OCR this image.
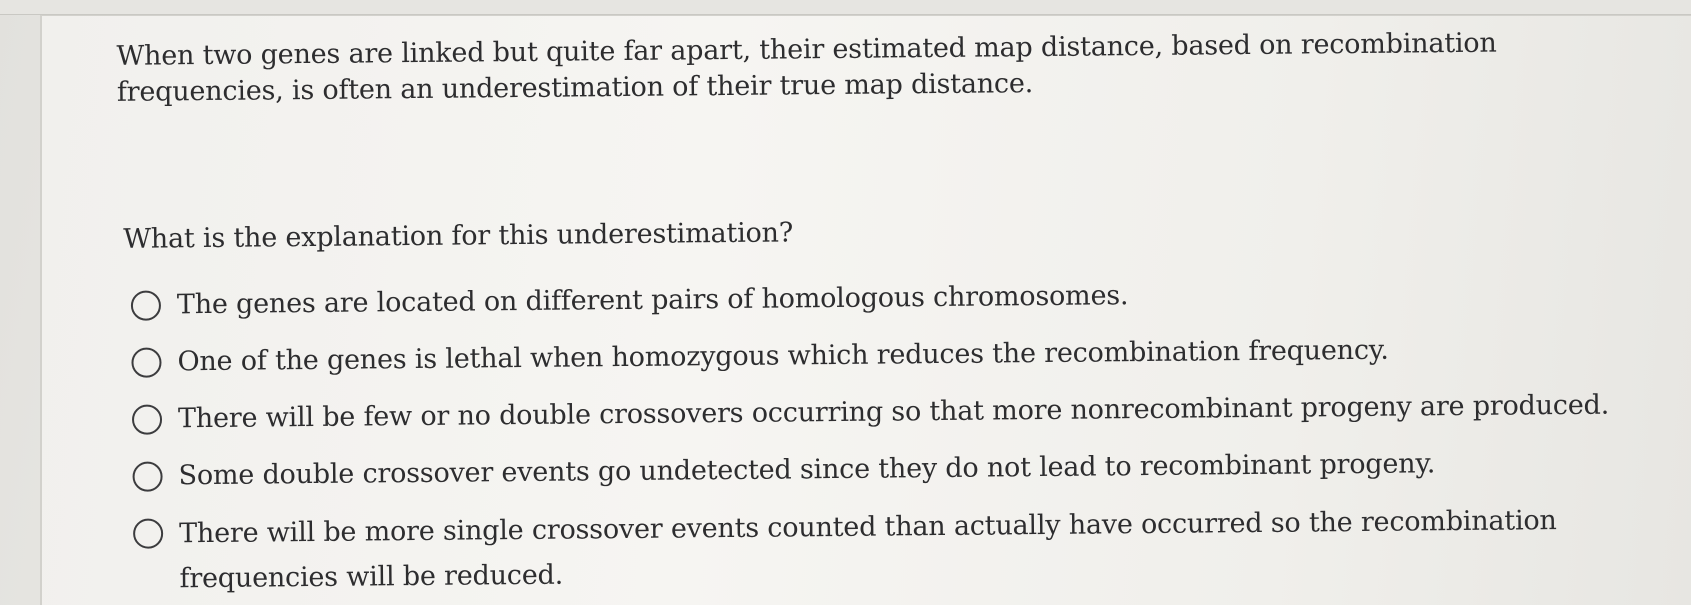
When two genes are linked but quite far apart, their estimated map distance, based on recombination frequencies, is often an underestimation of their true map distance.

What is the explanation for this underestimation?

The genes are located on different pairs of homologous chromosomes.
One of the genes is lethal when homozygous which reduces the recombination frequency.
There will be few or no double crossovers occurring so that more nonrecombinant progeny are produced.
Some double crossover events go undetected since they do not lead to recombinant progeny.
There will be more single crossover events counted than actually have occurred so the recombination frequencies will be reduced.
